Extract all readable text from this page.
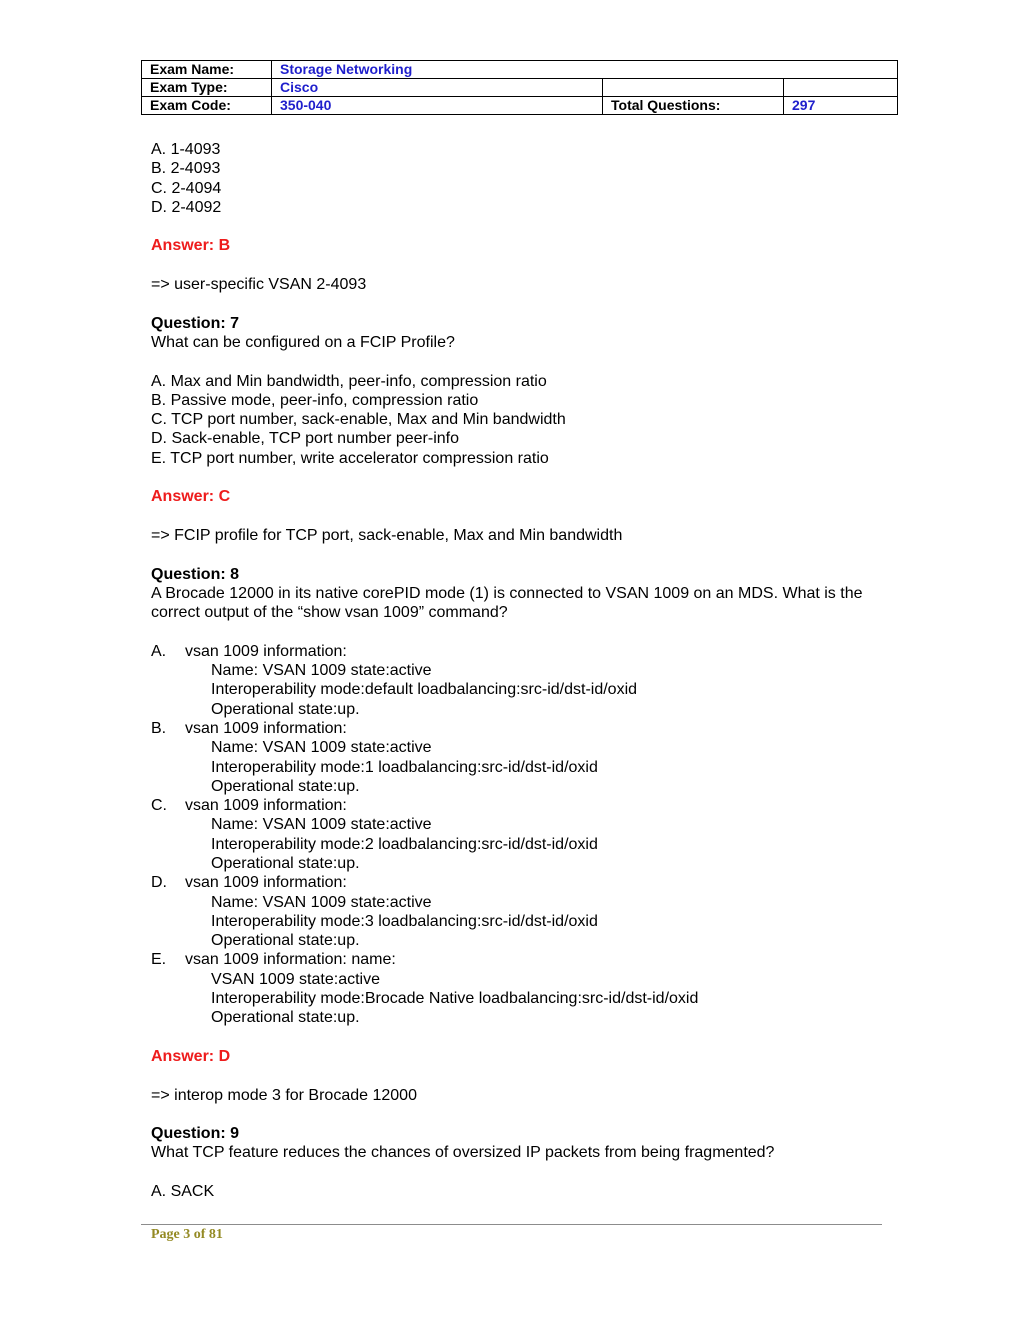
Exam Name:	Storage Networking		
Exam Type:	Cisco		
Exam Code:	350-040	Total Questions:	297
A. 1-4093
B. 2-4093
C. 2-4094
D. 2-4092
Answer: B
=> user-specific VSAN 2-4093
Question: 7
What can be configured on a FCIP Profile?
A. Max and Min bandwidth, peer-info, compression ratio
B. Passive mode, peer-info, compression ratio
C. TCP port number, sack-enable, Max and Min bandwidth
D. Sack-enable, TCP port number peer-info
E. TCP port number, write accelerator compression ratio
Answer: C
=> FCIP profile for TCP port, sack-enable, Max and Min bandwidth
Question: 8
A Brocade 12000 in its native corePID mode (1) is connected to VSAN 1009 on an MDS. What is the correct output of the “show vsan 1009” command?
A.	vsan 1009 information:
Name: VSAN 1009 state:active
Interoperability mode:default loadbalancing:src-id/dst-id/oxid
Operational state:up.
B.	vsan 1009 information:
Name: VSAN 1009 state:active
Interoperability mode:1 loadbalancing:src-id/dst-id/oxid
Operational state:up.
C.	vsan 1009 information:
Name: VSAN 1009 state:active
Interoperability mode:2 loadbalancing:src-id/dst-id/oxid
Operational state:up.
D.	vsan 1009 information:
Name: VSAN 1009 state:active
Interoperability mode:3 loadbalancing:src-id/dst-id/oxid
Operational state:up.
E.	vsan 1009 information: name:
VSAN 1009 state:active
Interoperability mode:Brocade Native loadbalancing:src-id/dst-id/oxid
Operational state:up.
Answer: D
=> interop mode 3 for Brocade 12000
Question: 9
What TCP feature reduces the chances of oversized IP packets from being fragmented?
A. SACK
Page 3 of 81
